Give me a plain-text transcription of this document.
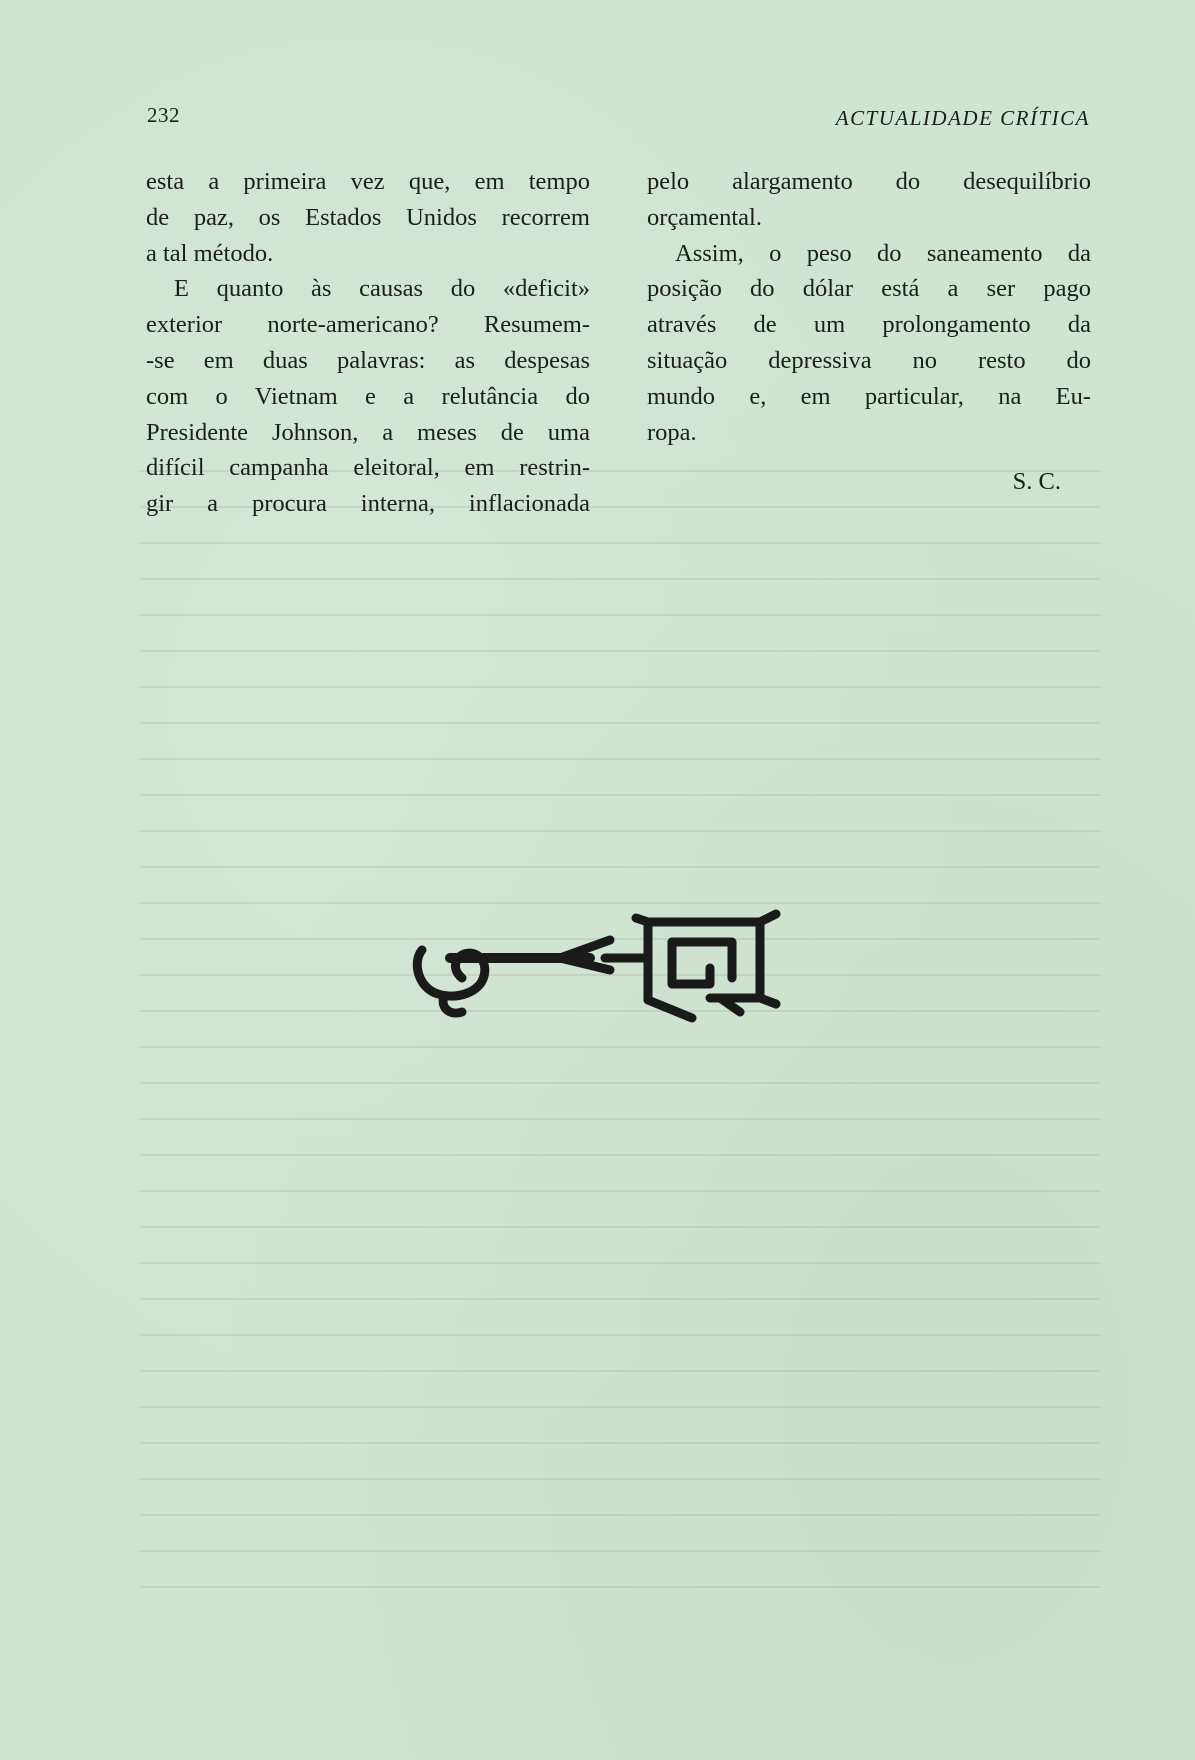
232	ACTUALIDADE CRÍTICA
esta a primeira vez que, em tempo
de paz, os Estados Unidos recorrem
a tal método.
E quanto às causas do «deficit»
exterior norte-americano? Resumem-
-se em duas palavras: as despesas
com o Vietnam e a relutância do
Presidente Johnson, a meses de uma
difícil campanha eleitoral, em restrin-
gir a procura interna, inflacionada
pelo alargamento do desequilíbrio
orçamental.
Assim, o peso do saneamento da
posição do dólar está a ser pago
através de um prolongamento da
situação depressiva no resto do
mundo e, em particular, na Eu-
ropa.
S. C.
